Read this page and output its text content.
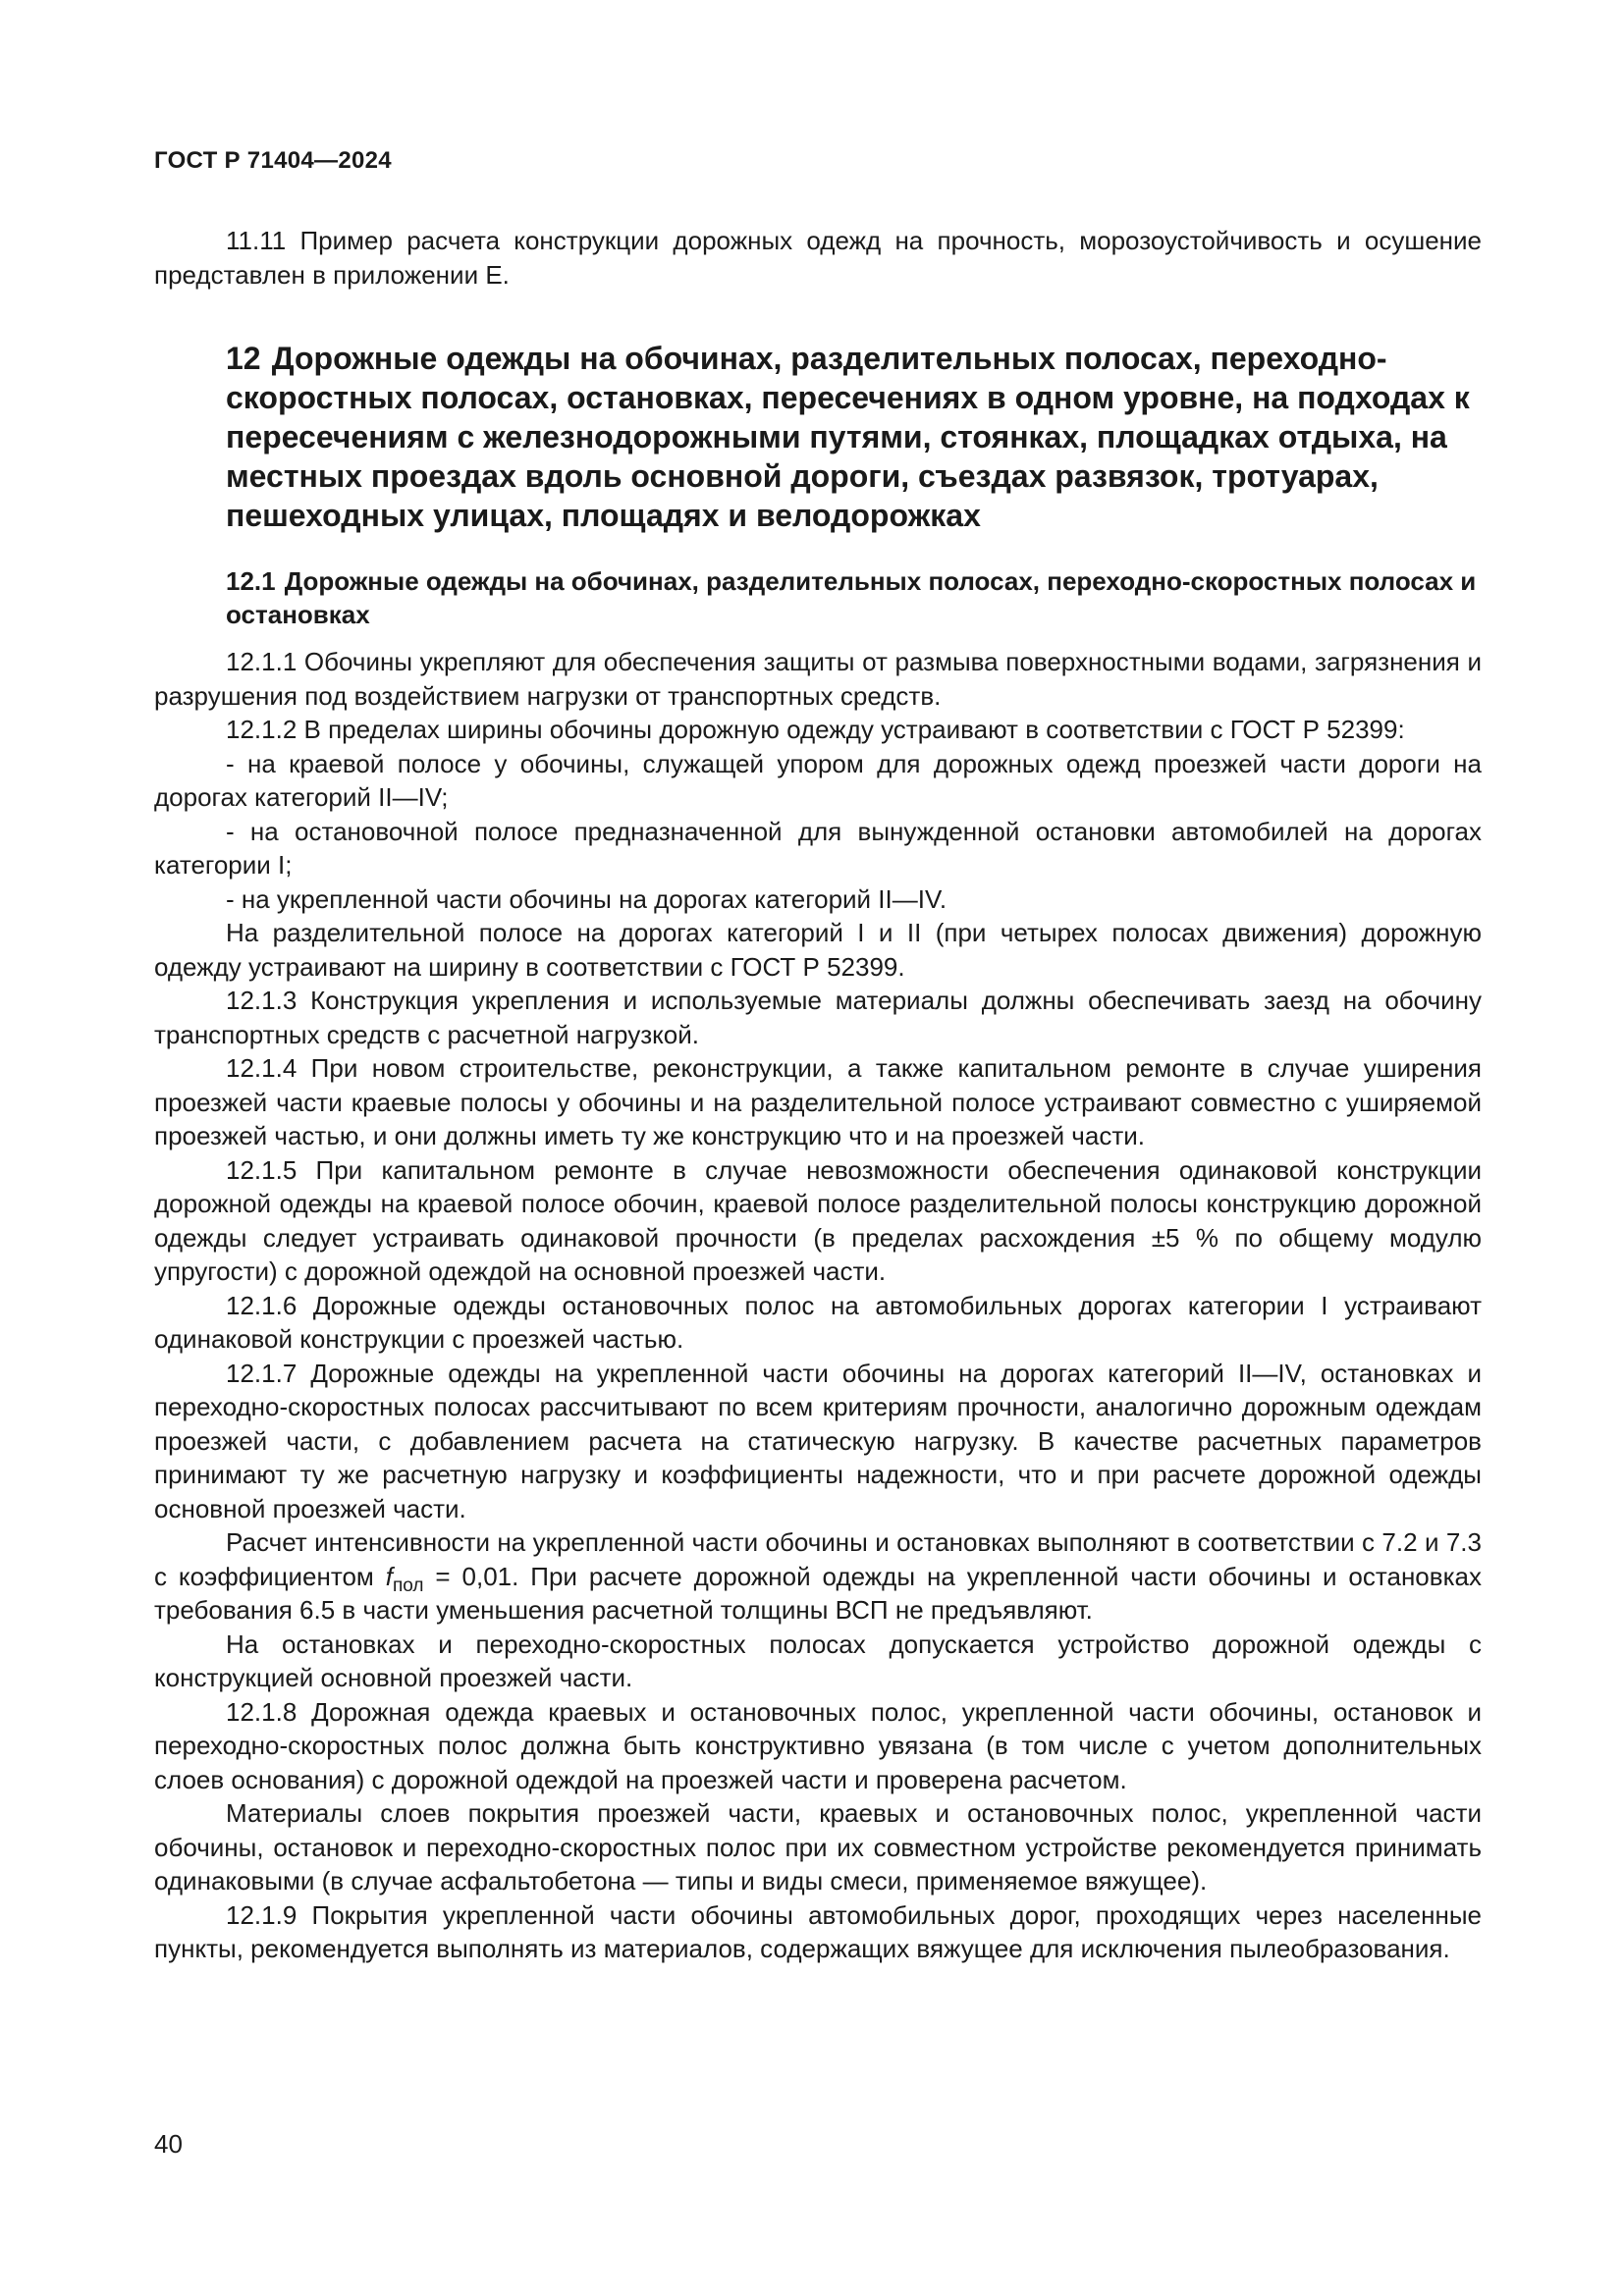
ГОСТ Р 71404—2024

11.11 Пример расчета конструкции дорожных одежд на прочность, морозоустойчивость и осушение представлен в приложении Е.

12 Дорожные одежды на обочинах, разделительных полосах, переходно-скоростных полосах, остановках, пересечениях в одном уровне, на подходах к пересечениям с железнодорожными путями, стоянках, площадках отдыха, на местных проездах вдоль основной дороги, съездах развязок, тротуарах, пешеходных улицах, площадях и велодорожках
12.1 Дорожные одежды на обочинах, разделительных полосах, переходно-скоростных полосах и остановках

12.1.1 Обочины укрепляют для обеспечения защиты от размыва поверхностными водами, загрязнения и разрушения под воздействием нагрузки от транспортных средств.

12.1.2 В пределах ширины обочины дорожную одежду устраивают в соответствии с ГОСТ Р 52399:

- на краевой полосе у обочины, служащей упором для дорожных одежд проезжей части дороги на дорогах категорий II—IV;

- на остановочной полосе предназначенной для вынужденной остановки автомобилей на дорогах категории I;

- на укрепленной части обочины на дорогах категорий II—IV.

На разделительной полосе на дорогах категорий I и II (при четырех полосах движения) дорожную одежду устраивают на ширину в соответствии с ГОСТ Р 52399.

12.1.3 Конструкция укрепления и используемые материалы должны обеспечивать заезд на обочину транспортных средств с расчетной нагрузкой.

12.1.4 При новом строительстве, реконструкции, а также капитальном ремонте в случае уширения проезжей части краевые полосы у обочины и на разделительной полосе устраивают совместно с уширяемой проезжей частью, и они должны иметь ту же конструкцию что и на проезжей части.

12.1.5 При капитальном ремонте в случае невозможности обеспечения одинаковой конструкции дорожной одежды на краевой полосе обочин, краевой полосе разделительной полосы конструкцию дорожной одежды следует устраивать одинаковой прочности (в пределах расхождения ±5 % по общему модулю упругости) с дорожной одеждой на основной проезжей части.

12.1.6 Дорожные одежды остановочных полос на автомобильных дорогах категории I устраивают одинаковой конструкции с проезжей частью.

12.1.7 Дорожные одежды на укрепленной части обочины на дорогах категорий II—IV, остановках и переходно-скоростных полосах рассчитывают по всем критериям прочности, аналогично дорожным одеждам проезжей части, с добавлением расчета на статическую нагрузку. В качестве расчетных параметров принимают ту же расчетную нагрузку и коэффициенты надежности, что и при расчете дорожной одежды основной проезжей части.

Расчет интенсивности на укрепленной части обочины и остановках выполняют в соответствии с 7.2 и 7.3 с коэффициентом $f_{пол} = 0,01$. При расчете дорожной одежды на укрепленной части обочины и остановках требования 6.5 в части уменьшения расчетной толщины ВСП не предъявляют.

На остановках и переходно-скоростных полосах допускается устройство дорожной одежды с конструкцией основной проезжей части.

12.1.8 Дорожная одежда краевых и остановочных полос, укрепленной части обочины, остановок и переходно-скоростных полос должна быть конструктивно увязана (в том числе с учетом дополнительных слоев основания) с дорожной одеждой на проезжей части и проверена расчетом.

Материалы слоев покрытия проезжей части, краевых и остановочных полос, укрепленной части обочины, остановок и переходно-скоростных полос при их совместном устройстве рекомендуется принимать одинаковыми (в случае асфальтобетона — типы и виды смеси, применяемое вяжущее).

12.1.9 Покрытия укрепленной части обочины автомобильных дорог, проходящих через населенные пункты, рекомендуется выполнять из материалов, содержащих вяжущее для исключения пылеобразования.

40
